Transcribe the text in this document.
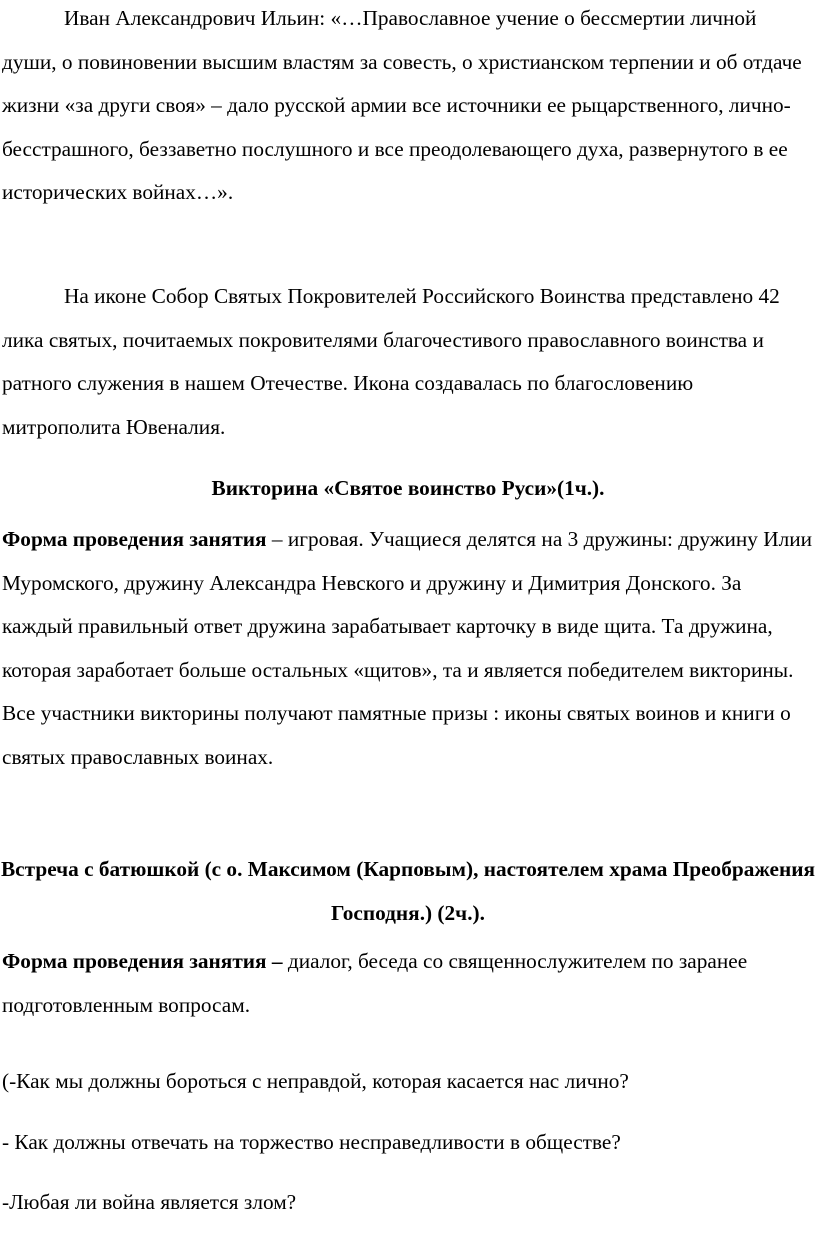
Иван Александрович Ильин: «…Православное учение о бессмертии личной души, о повиновении высшим властям за совесть, о христианском терпении и об отдаче жизни «за други своя» – дало русской армии все источники ее рыцарственного, лично-бесстрашного, беззаветно послушного и все преодолевающего духа, развернутого в ее исторических войнах…».

На иконе Собор Святых Покровителей Российского Воинства представлено 42 лика святых, почитаемых покровителями благочестивого православного воинства и ратного служения в нашем Отечестве. Икона создавалась по благословению митрополита Ювеналия.

Викторина «Святое воинство Руси»(1ч.).

Форма проведения занятия – игровая. Учащиеся делятся на 3 дружины: дружину Илии Муромского, дружину Александра Невского и дружину и Димитрия Донского. За каждый правильный ответ дружина зарабатывает карточку в виде щита. Та дружина, которая заработает больше остальных «щитов», та и является победителем викторины. Все участники викторины получают памятные призы : иконы святых воинов и книги о святых православных воинах.

Встреча с батюшкой (с о. Максимом (Карповым), настоятелем храма Преображения Господня.) (2ч.).

Форма проведения занятия – диалог, беседа со священнослужителем по заранее подготовленным вопросам.

(-Как мы должны бороться с неправдой, которая касается нас лично?

- Как должны отвечать на торжество несправедливости в обществе?

-Любая ли война является злом?
